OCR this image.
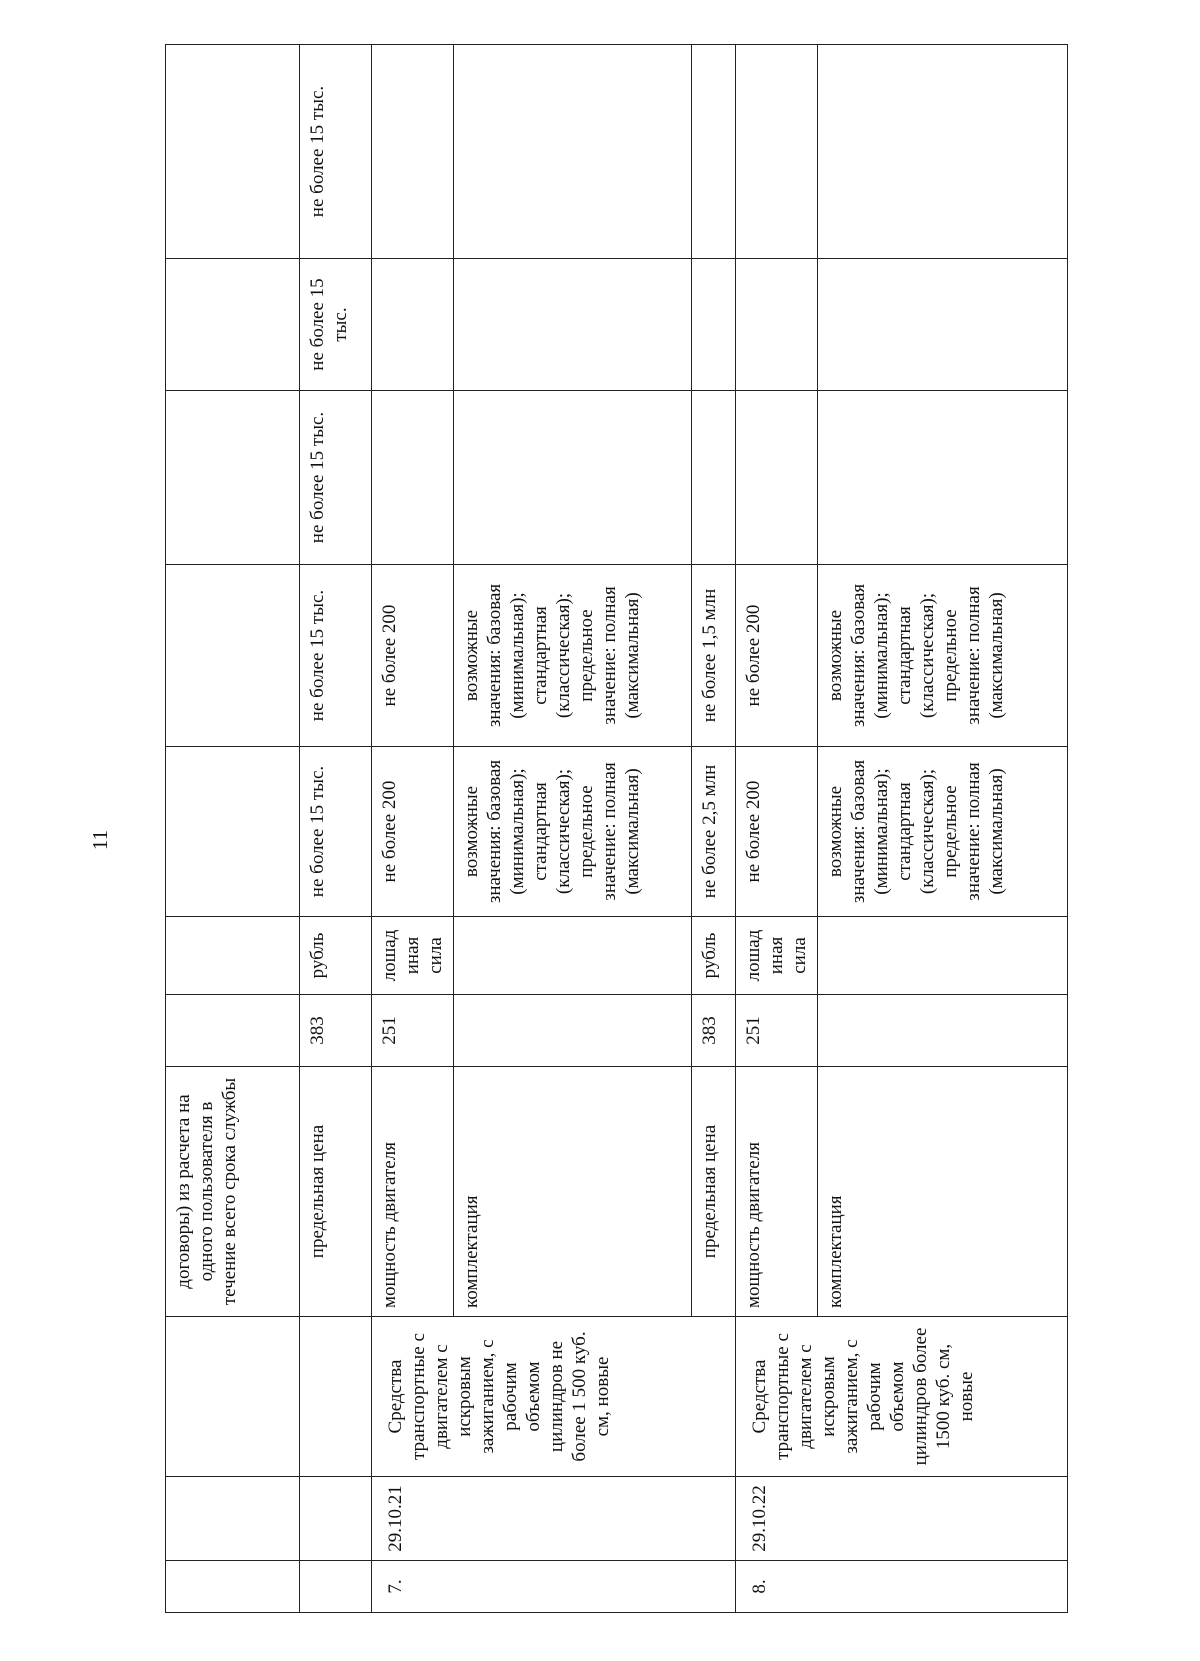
11
			договоры) из расчета на одного пользователя в течение всего срока службы							
			предельная цена	383	рубль	не более 15 тыс.	не более 15 тыс.	не более 15 тыс.	не более 15 тыс.	не более 15 тыс.
7.	29.10.21	Средства транспортные с двигателем с искровым зажиганием, с рабочим объемом цилиндров не более 1 500 куб. см, новые	мощность двигателя	251	лошадиная сила	не более 200	не более 200			
			комплектация			возможные значения: базовая (минимальная); стандартная (классическая); предельное значение: полная (максимальная)	возможные значения: базовая (минимальная); стандартная (классическая); предельное значение: полная (максимальная)			
			предельная цена	383	рубль	не более 2,5 млн	не более 1,5 млн			
8.	29.10.22	Средства транспортные с двигателем с искровым зажиганием, с рабочим объемом цилиндров более 1500 куб. см, новые	мощность двигателя	251	лошадиная сила	не более 200	не более 200			
			комплектация			возможные значения: базовая (минимальная); стандартная (классическая); предельное значение: полная (максимальная)	возможные значения: базовая (минимальная); стандартная (классическая); предельное значение: полная (максимальная)			
